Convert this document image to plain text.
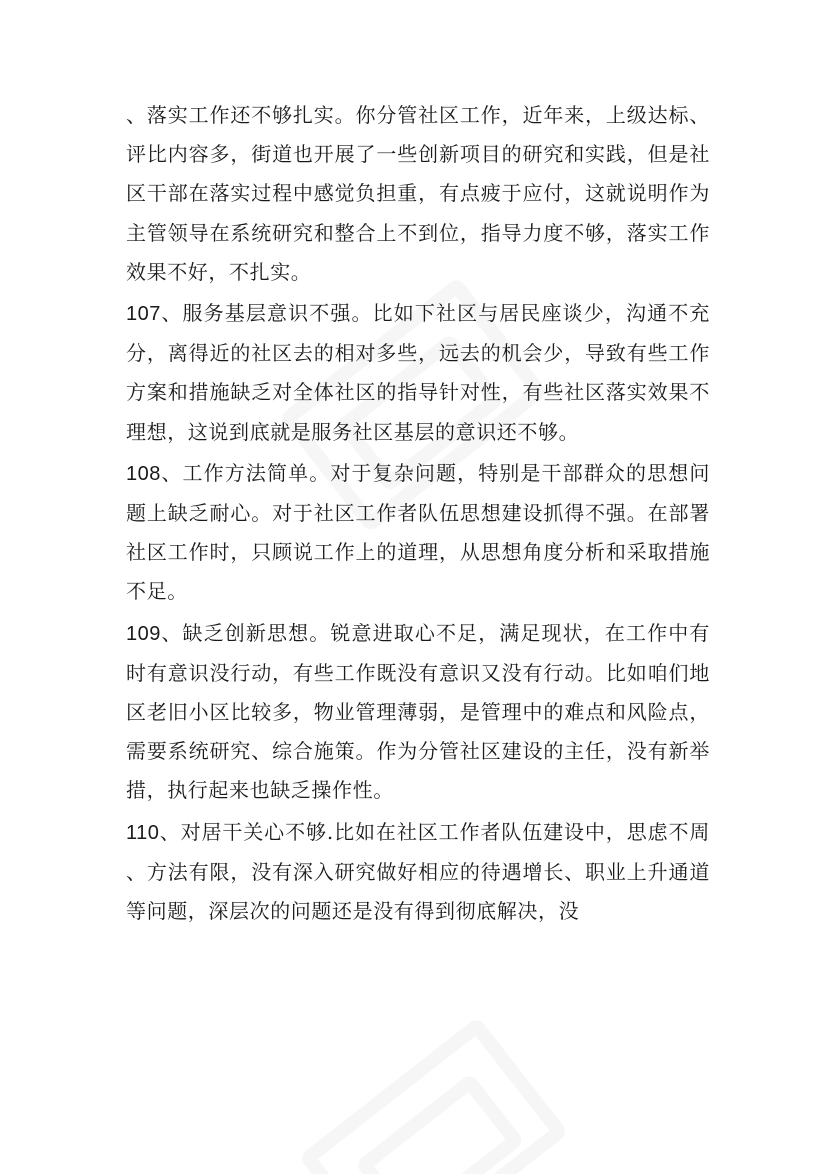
、落实工作还不够扎实。你分管社区工作，近年来，上级达标、评比内容多，街道也开展了一些创新项目的研究和实践，但是社区干部在落实过程中感觉负担重，有点疲于应付，这就说明作为主管领导在系统研究和整合上不到位，指导力度不够，落实工作效果不好，不扎实。

107、服务基层意识不强。比如下社区与居民座谈少，沟通不充分，离得近的社区去的相对多些，远去的机会少，导致有些工作方案和措施缺乏对全体社区的指导针对性，有些社区落实效果不理想，这说到底就是服务社区基层的意识还不够。

108、工作方法简单。对于复杂问题，特别是干部群众的思想问题上缺乏耐心。对于社区工作者队伍思想建设抓得不强。在部署社区工作时，只顾说工作上的道理，从思想角度分析和采取措施不足。

109、缺乏创新思想。锐意进取心不足，满足现状，在工作中有时有意识没行动，有些工作既没有意识又没有行动。比如咱们地区老旧小区比较多，物业管理薄弱，是管理中的难点和风险点，需要系统研究、综合施策。作为分管社区建设的主任，没有新举措，执行起来也缺乏操作性。

110、对居干关心不够.比如在社区工作者队伍建设中，思虑不周、方法有限，没有深入研究做好相应的待遇增长、职业上升通道等问题，深层次的问题还是没有得到彻底解决，没
